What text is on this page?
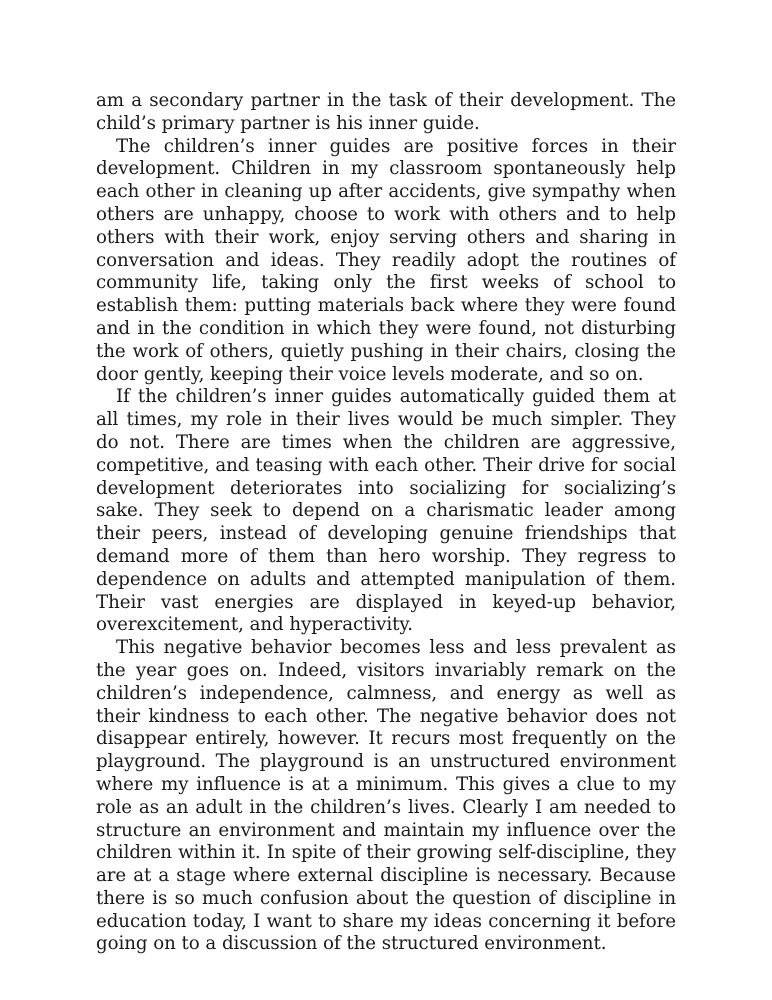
am a secondary partner in the task of their development. The child’s primary partner is his inner guide.

The children’s inner guides are positive forces in their development. Children in my classroom spontaneously help each other in cleaning up after accidents, give sympathy when others are unhappy, choose to work with others and to help others with their work, enjoy serving others and sharing in conversation and ideas. They readily adopt the routines of community life, taking only the first weeks of school to establish them: putting materials back where they were found and in the condition in which they were found, not disturbing the work of others, quietly pushing in their chairs, closing the door gently, keeping their voice levels moderate, and so on.

If the children’s inner guides automatically guided them at all times, my role in their lives would be much simpler. They do not. There are times when the children are aggressive, competitive, and teasing with each other. Their drive for social development deteriorates into socializing for socializing’s sake. They seek to depend on a charismatic leader among their peers, instead of developing genuine friendships that demand more of them than hero worship. They regress to dependence on adults and attempted manipulation of them. Their vast energies are displayed in keyed-up behavior, overexcitement, and hyperactivity.

This negative behavior becomes less and less prevalent as the year goes on. Indeed, visitors invariably remark on the children’s independence, calmness, and energy as well as their kindness to each other. The negative behavior does not disappear entirely, however. It recurs most frequently on the playground. The playground is an unstructured environment where my influence is at a minimum. This gives a clue to my role as an adult in the children’s lives. Clearly I am needed to structure an environment and maintain my influence over the children within it. In spite of their growing self-discipline, they are at a stage where external discipline is necessary. Because there is so much confusion about the question of discipline in education today, I want to share my ideas concerning it before going on to a discussion of the structured environment.
